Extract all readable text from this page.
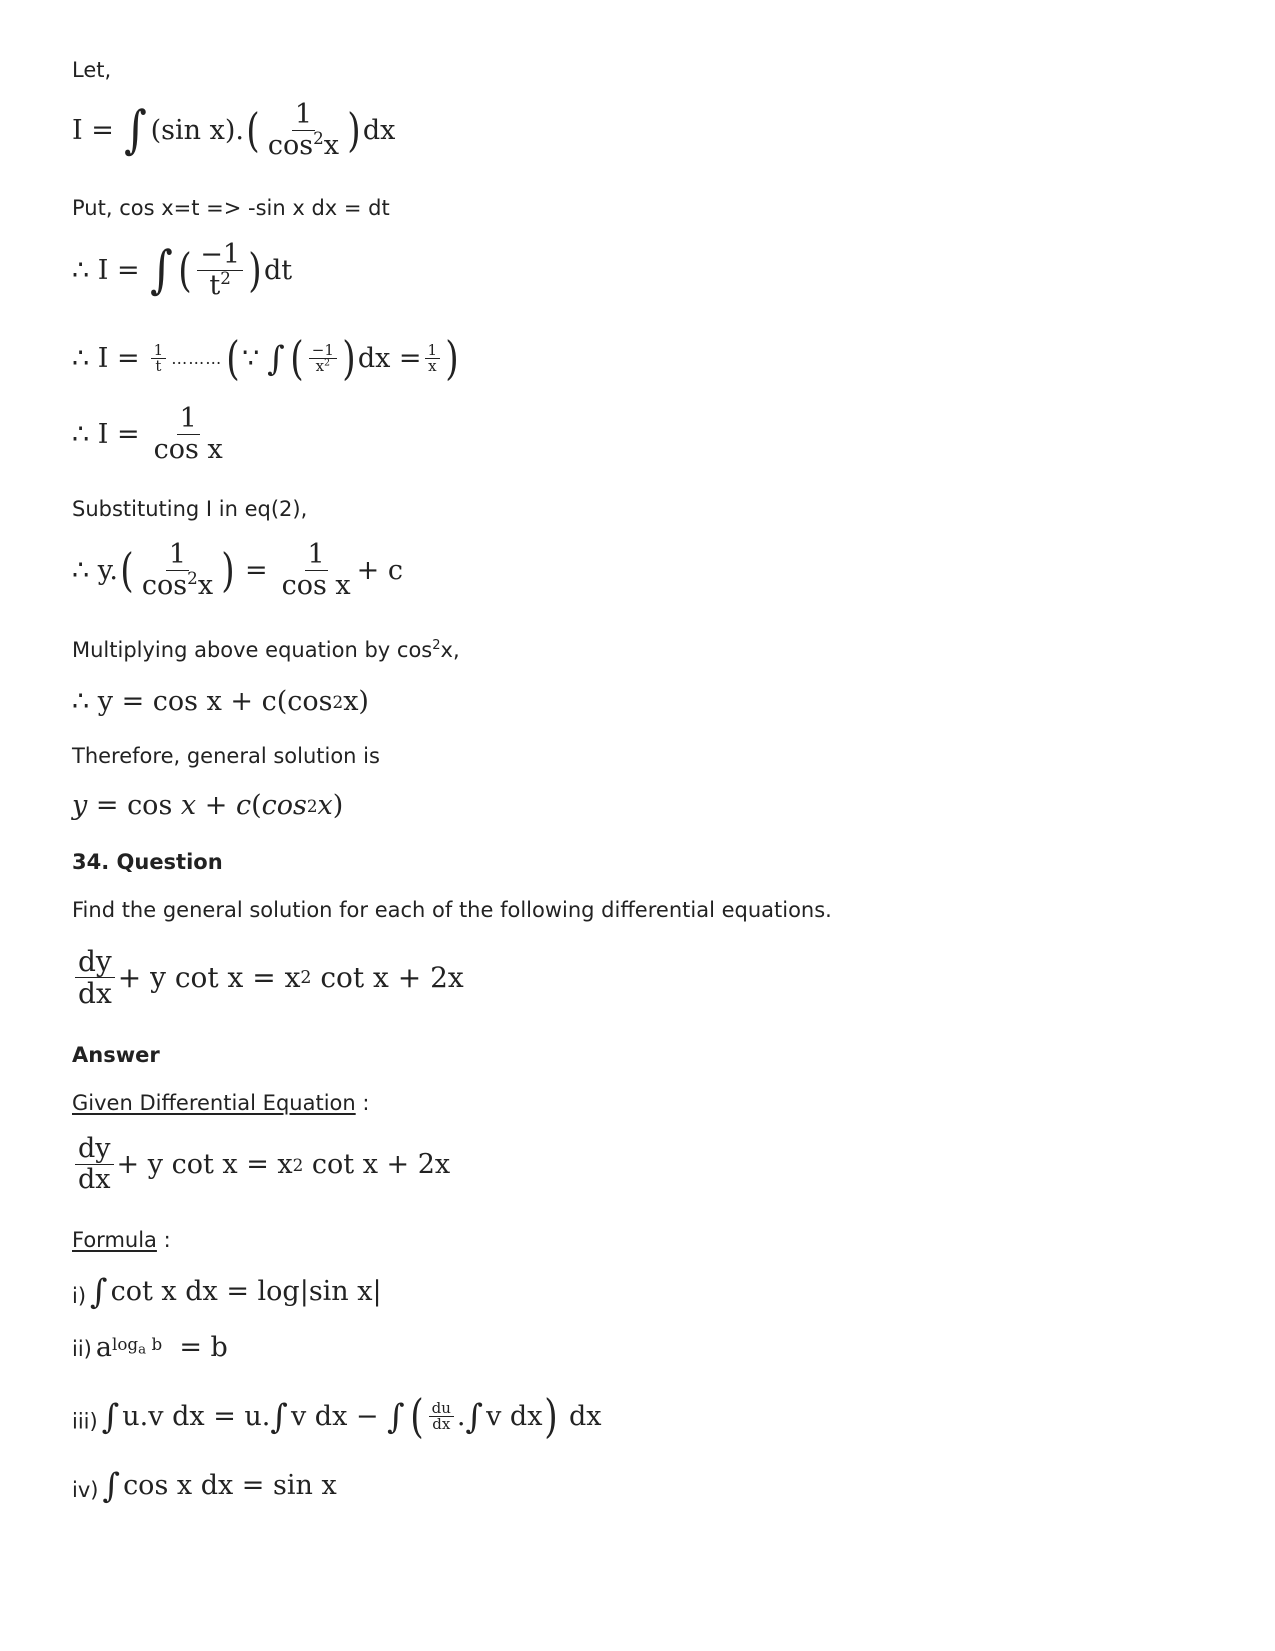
Let,
I = ∫ (sin x). ( $\frac{1}{\cos^2x}$ ) dx
Put, cos x=t => -sin x dx = dt
∴ I = ∫ ( $\frac{-1}{t^2}$ ) dt
∴ $I = \frac{1}{t}$ ……… ( ∵ ∫ ( $\frac{-1}{x^2}$ ) dx = $\frac{1}{x}$ )
∴ $I = \frac{1}{\text{cos x}}$
Substituting I in eq(2),
∴ y. ( $\frac{1}{\cos^2x}$ ) = $\frac{1}{\text{cos x}} + c$
Multiplying above equation by $\cos^2x$,
∴ y = cos x + c(cos 2 x)
Therefore, general solution is
y
= cos
x
+
c ( cos 2 x )
34. Question
Find the general solution for each of the following differential equations.
$\frac{dy}{dx} + y$ cot x = x 2
cot x + 2x
Answer
Given Differential Equation :
$\frac{dy}{dx} + y$ cot x = x 2
cot x + 2x
Formula :
i) ∫ cot x dx = log|sin x|
ii) a $\log_a b$
= b
iii) ∫ u.v dx = u. ∫ v dx −
∫ ( $\frac{du}{dx}$ . ∫ v dx )
dx
iv) ∫ cos x dx = sin x
